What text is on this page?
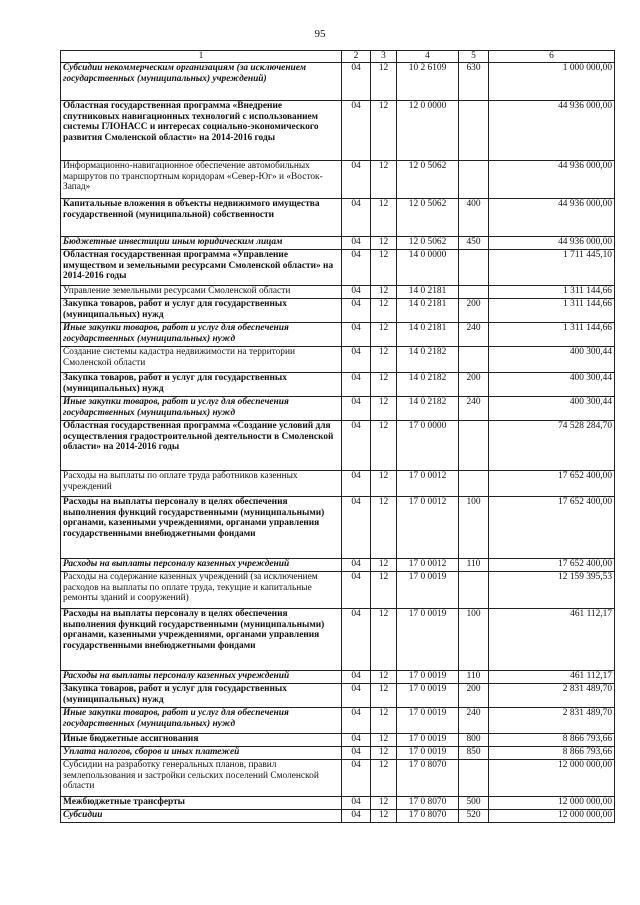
95
1	2	3	4	5	6
Субсидии некоммерческим организациям (за исключением государственных (муниципальных) учреждений)	04	12	10 2 6109	630	1 000 000,00
Областная государственная программа «Внедрение спутниковых навигационных технологий с использованием системы ГЛОНАСС и интересах социально-экономического развития Смоленской области» на 2014-2016 годы	04	12	12 0 0000		44 936 000,00
Информационно-навигационное обеспечение автомобильных маршрутов по транспортным коридорам «Север-Юг» и «Восток-Запад»	04	12	12 0 5062		44 936 000,00
Капитальные вложения в объекты недвижимого имущества государственной (муниципальной) собственности	04	12	12 0 5062	400	44 936 000,00
Бюджетные инвестиции иным юридическим лицам	04	12	12 0 5062	450	44 936 000,00
Областная государственная программа «Управление имуществом и земельными ресурсами Смоленской области» на 2014-2016 годы	04	12	14 0 0000		1 711 445,10
Управление земельными ресурсами Смоленской области	04	12	14 0 2181		1 311 144,66
Закупка товаров, работ и услуг для государственных (муниципальных) нужд	04	12	14 0 2181	200	1 311 144,66
Иные закупки товаров, работ и услуг для обеспечения государственных (муниципальных) нужд	04	12	14 0 2181	240	1 311 144,66
Создание системы кадастра недвижимости на территории Смоленской области	04	12	14 0 2182		400 300,44
Закупка товаров, работ и услуг для государственных (муниципальных) нужд	04	12	14 0 2182	200	400 300,44
Иные закупки товаров, работ и услуг для обеспечения государственных (муниципальных) нужд	04	12	14 0 2182	240	400 300,44
Областная государственная программа «Создание условий для осуществления градостроительной деятельности в Смоленской области» на 2014-2016 годы	04	12	17 0 0000		74 528 284,70
Расходы на выплаты по оплате труда работников казенных учреждений	04	12	17 0 0012		17 652 400,00
Расходы на выплаты персоналу в целях обеспечения выполнения функций государственными (муниципальными) органами, казенными учреждениями, органами управления государственными внебюджетными фондами	04	12	17 0 0012	100	17 652 400,00
Расходы на выплаты персоналу казенных учреждений	04	12	17 0 0012	110	17 652 400,00
Расходы на содержание казенных учреждений (за исключением расходов на выплаты по оплате труда, текущие и капитальные ремонты зданий и сооружений)	04	12	17 0 0019		12 159 395,53
Расходы на выплаты персоналу в целях обеспечения выполнения функций государственными (муниципальными) органами, казенными учреждениями, органами управления государственными внебюджетными фондами	04	12	17 0 0019	100	461 112,17
Расходы на выплаты персоналу казенных учреждений	04	12	17 0 0019	110	461 112,17
Закупка товаров, работ и услуг для государственных (муниципальных) нужд	04	12	17 0 0019	200	2 831 489,70
Иные закупки товаров, работ и услуг для обеспечения государственных (муниципальных) нужд	04	12	17 0 0019	240	2 831 489,70
Иные бюджетные ассигнования	04	12	17 0 0019	800	8 866 793,66
Уплата налогов, сборов и иных платежей	04	12	17 0 0019	850	8 866 793,66
Субсидии на разработку генеральных планов, правил землепользования и застройки сельских поселений Смоленской области	04	12	17 0 8070		12 000 000,00
Межбюджетные трансферты	04	12	17 0 8070	500	12 000 000,00
Субсидии	04	12	17 0 8070	520	12 000 000,00
